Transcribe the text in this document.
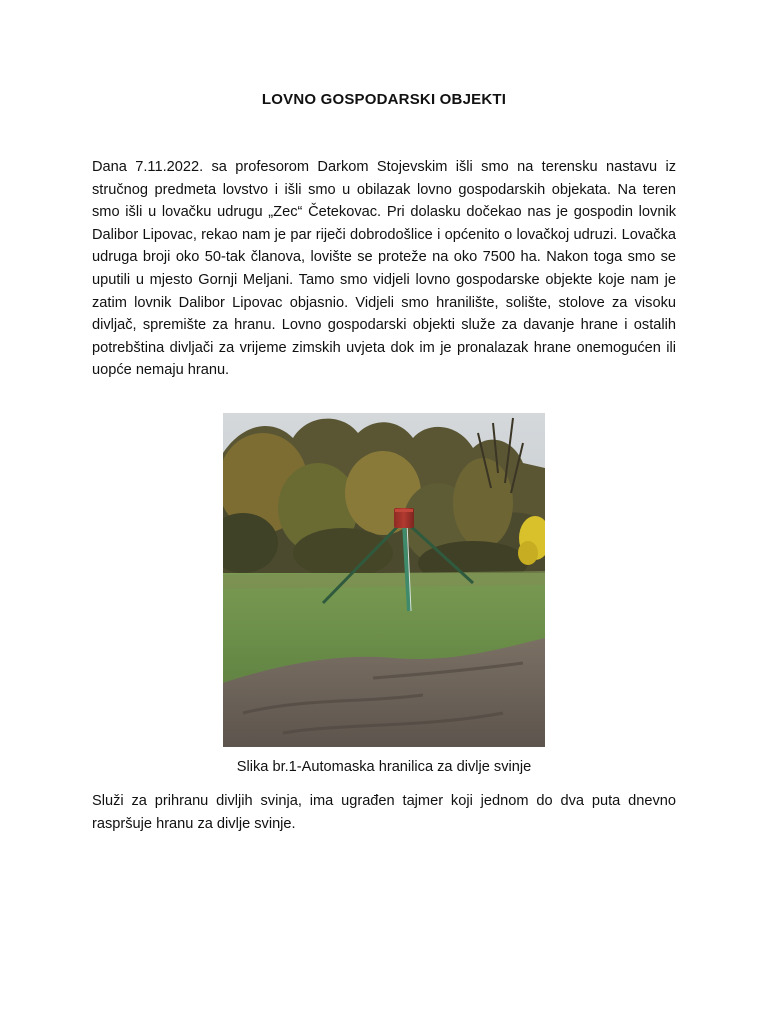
LOVNO GOSPODARSKI OBJEKTI

Dana 7.11.2022. sa profesorom Darkom Stojevskim išli smo na terensku nastavu iz stručnog predmeta lovstvo i išli smo u obilazak lovno gospodarskih objekata. Na teren smo išli u lovačku udrugu „Zec“ Četekovac. Pri dolasku dočekao nas je gospodin lovnik Dalibor Lipovac, rekao nam je par riječi dobrodošlice i općenito o lovačkoj udruzi. Lovačka udruga broji oko 50-tak članova, lovište se proteže na oko 7500 ha. Nakon toga smo se uputili u mjesto Gornji Meljani. Tamo smo vidjeli lovno gospodarske objekte koje nam je zatim lovnik Dalibor Lipovac objasnio. Vidjeli smo hranilište, solište, stolove za visoku divljač, spremište za hranu. Lovno gospodarski objekti služe za davanje hrane i ostalih potrebština divljači za vrijeme zimskih uvjeta dok im je pronalazak hrane onemogućen ili uopće nemaju hranu.

Slika br.1-Automaska hranilica za divlje svinje

Služi za prihranu divljih svinja, ima ugrađen tajmer koji jednom do dva puta dnevno raspršuje hranu za divlje svinje.
